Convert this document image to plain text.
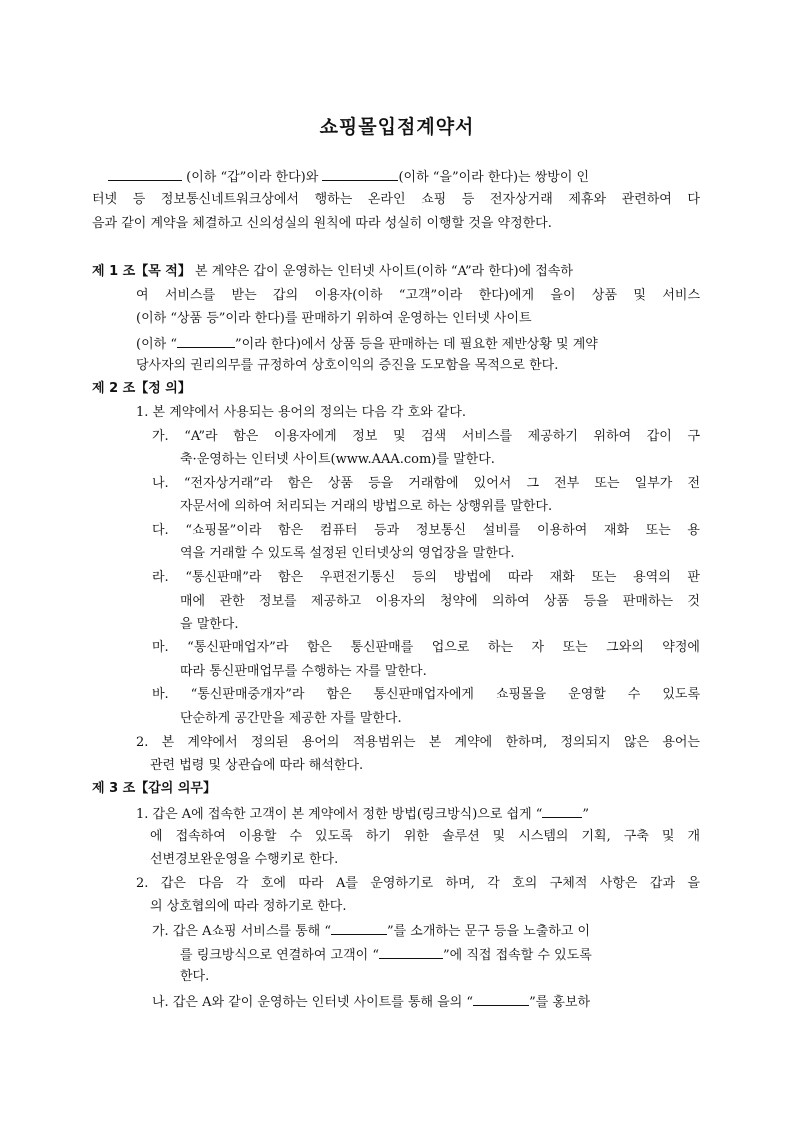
쇼핑몰입점계약서
(이하 “갑”이라 한다)와	(이하 “을”이라 한다)는 쌍방이 인
터넷 등 정보통신네트워크상에서 행하는 온라인 쇼핑 등 전자상거래 제휴와 관련하여 다
음과 같이 계약을 체결하고 신의성실의 원칙에 따라 성실히 이행할 것을 약정한다.
제 1 조【목 적】 본 계약은 갑이 운영하는 인터넷 사이트(이하 “A”라 한다)에 접속하
여 서비스를 받는 갑의 이용자(이하 “고객”이라 한다)에게 을이 상품 및 서비스
(이하 “상품 등”이라 한다)를 판매하기 위하여 운영하는 인터넷 사이트
(이하 “	”이라 한다)에서 상품 등을 판매하는 데 필요한 제반상황 및 계약
당사자의 권리의무를 규정하여 상호이익의 증진을 도모함을 목적으로 한다.
제 2 조【정 의】
1. 본 계약에서 사용되는 용어의 정의는 다음 각 호와 같다.
가. “A”라 함은 이용자에게 정보 및 검색 서비스를 제공하기 위하여 갑이 구
축·운영하는 인터넷 사이트(www.AAA.com)를 말한다.
나. “전자상거래”라 함은 상품 등을 거래함에 있어서 그 전부 또는 일부가 전
자문서에 의하여 처리되는 거래의 방법으로 하는 상행위를 말한다.
다. “쇼핑몰”이라 함은 컴퓨터 등과 정보통신 설비를 이용하여 재화 또는 용
역을 거래할 수 있도록 설정된 인터넷상의 영업장을 말한다.
라. “통신판매”라 함은 우편전기통신 등의 방법에 따라 재화 또는 용역의 판
매에 관한 정보를 제공하고 이용자의 청약에 의하여 상품 등을 판매하는 것
을 말한다.
마. “통신판매업자”라 함은 통신판매를 업으로 하는 자 또는 그와의 약정에
따라 통신판매업무를 수행하는 자를 말한다.
바. “통신판매중개자”라 함은 통신판매업자에게 쇼핑몰을 운영할 수 있도록
단순하게 공간만을 제공한 자를 말한다.
2. 본 계약에서 정의된 용어의 적용범위는 본 계약에 한하며, 정의되지 않은 용어는
관련 법령 및 상관습에 따라 해석한다.
제 3 조【갑의 의무】
1. 갑은 A에 접속한 고객이 본 계약에서 정한 방법(링크방식)으로 쉽게 “	”
에 접속하여 이용할 수 있도록 하기 위한 솔루션 및 시스템의 기획, 구축 및 개
선변경보완운영을 수행키로 한다.
2. 갑은 다음 각 호에 따라 A를 운영하기로 하며, 각 호의 구체적 사항은 갑과 을
의 상호협의에 따라 정하기로 한다.
가. 갑은 A쇼핑 서비스를 통해 “	”를 소개하는 문구 등을 노출하고 이
를 링크방식으로 연결하여 고객이 “	”에 직접 접속할 수 있도록
한다.
나. 갑은 A와 같이 운영하는 인터넷 사이트를 통해 을의 “	”를 홍보하
